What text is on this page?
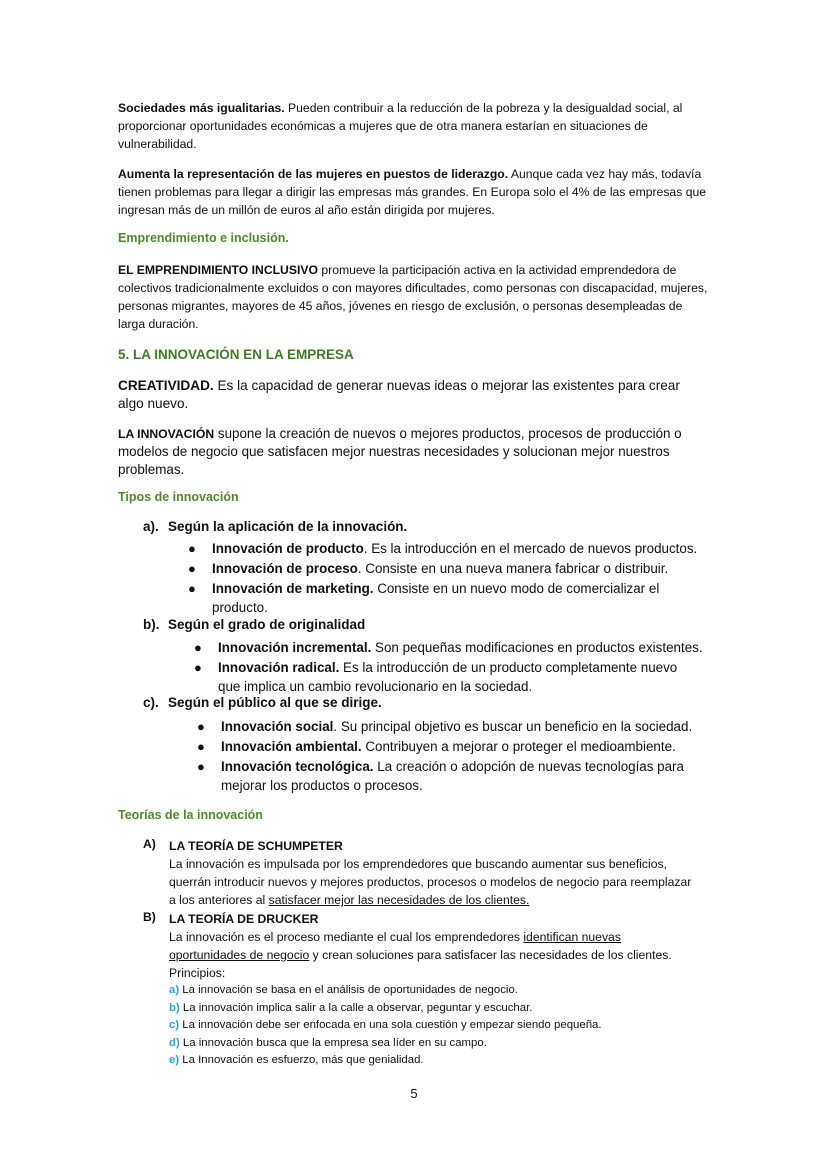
Sociedades más igualitarias. Pueden contribuir a la reducción de la pobreza y la desigualdad social, al proporcionar oportunidades económicas a mujeres que de otra manera estarían en situaciones de vulnerabilidad.

Aumenta la representación de las mujeres en puestos de liderazgo. Aunque cada vez hay más, todavía tienen problemas para llegar a dirigir las empresas más grandes. En Europa solo el 4% de las empresas que ingresan más de un millón de euros al año están dirigida por mujeres.

Emprendimiento e inclusión.

EL EMPRENDIMIENTO INCLUSIVO promueve la participación activa en la actividad emprendedora de colectivos tradicionalmente excluidos o con mayores dificultades, como personas con discapacidad, mujeres, personas migrantes, mayores de 45 años, jóvenes en riesgo de exclusión, o personas desempleadas de larga duración.

5. LA INNOVACIÓN EN LA EMPRESA

CREATIVIDAD. Es la capacidad de generar nuevas ideas o mejorar las existentes para crear algo nuevo.

LA INNOVACIÓN supone la creación de nuevos o mejores productos, procesos de producción o modelos de negocio que satisfacen mejor nuestras necesidades y solucionan mejor nuestros problemas.

Tipos de innovación
a). Según la aplicación de la innovación.
● Innovación de producto. Es la introducción en el mercado de nuevos productos.
● Innovación de proceso. Consiste en una nueva manera fabricar o distribuir.
● Innovación de marketing. Consiste en un nuevo modo de comercializar el producto.
b). Según el grado de originalidad
● Innovación incremental. Son pequeñas modificaciones en productos existentes.
● Innovación radical. Es la introducción de un producto completamente nuevo que implica un cambio revolucionario en la sociedad.
c). Según el público al que se dirige.
● Innovación social. Su principal objetivo es buscar un beneficio en la sociedad.
● Innovación ambiental. Contribuyen a mejorar o proteger el medioambiente.
● Innovación tecnológica. La creación o adopción de nuevas tecnologías para mejorar los productos o procesos.
Teorías de la innovación
A) LA TEORÍA DE SCHUMPETER
La innovación es impulsada por los emprendedores que buscando aumentar sus beneficios, querrán introducir nuevos y mejores productos, procesos o modelos de negocio para reemplazar a los anteriores al satisfacer mejor las necesidades de los clientes.
B) LA TEORÍA DE DRUCKER
La innovación es el proceso mediante el cual los emprendedores identifican nuevas oportunidades de negocio y crean soluciones para satisfacer las necesidades de los clientes.
Principios:
a) La innovación se basa en el análisis de oportunidades de negocio.
b) La innovación implica salir a la calle a observar, peguntar y escuchar.
c) La innovación debe ser enfocada en una sola cuestión y empezar siendo pequeña.
d) La innovación busca que la empresa sea líder en su campo.
e) La Innovación es esfuerzo, más que genialidad.
5
